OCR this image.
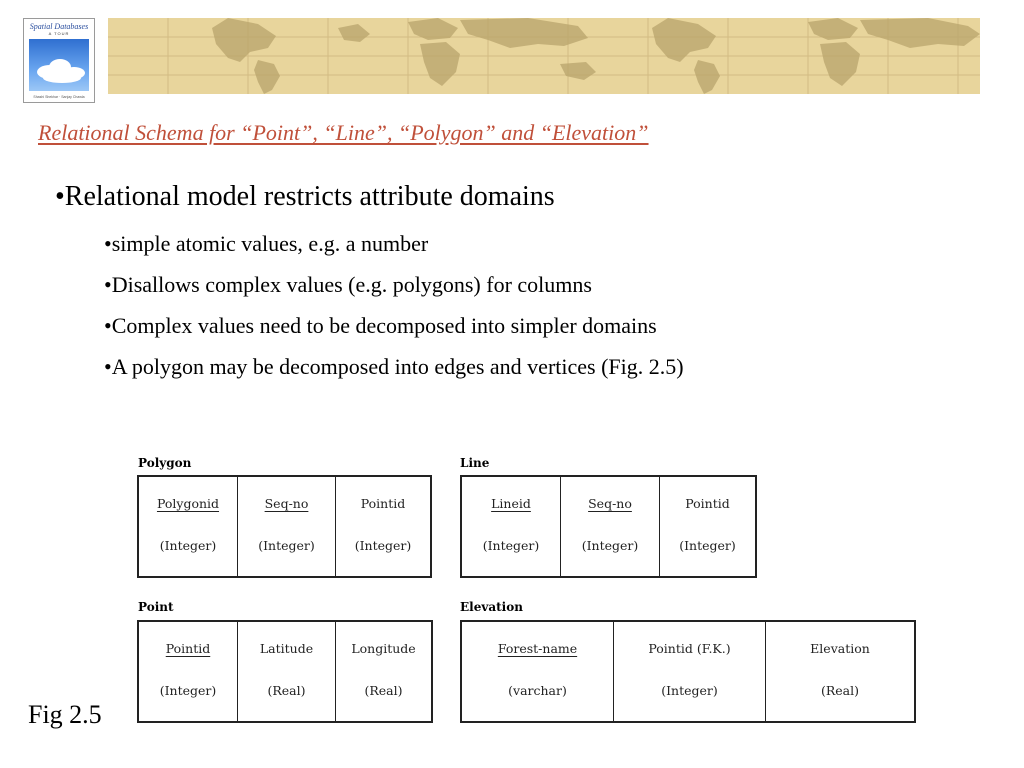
Spatial Databases
A TOUR
Shashi Shekhar · Sanjay Chawla
Relational Schema for “Point”, “Line”, “Polygon” and “Elevation”
•Relational model restricts attribute domains
•simple atomic values, e.g. a number
•Disallows complex values (e.g. polygons) for columns
•Complex values need to be decomposed into simpler domains
•A polygon may be decomposed into edges and vertices (Fig. 2.5)
Polygon
Polygonid
(Integer)
Seq-no
(Integer)
Pointid
(Integer)
Line
Lineid
(Integer)
Seq-no
(Integer)
Pointid
(Integer)
Point
Pointid
(Integer)
Latitude
(Real)
Longitude
(Real)
Elevation
Forest-name
(varchar)
Pointid (F.K.)
(Integer)
Elevation
(Real)
Fig 2.5
